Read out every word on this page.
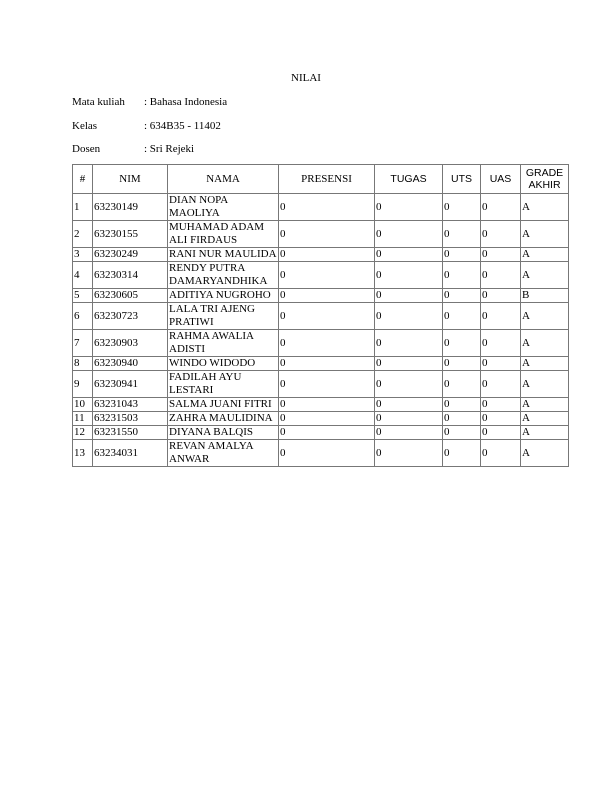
NILAI
Mata kuliah : Bahasa Indonesia
Kelas	: 634B35 - 11402
Dosen	: Sri Rejeki
#	NIM	NAMA	PRESENSI	TUGAS	UTS	UAS	GRADE
AKHIR
1	63230149	DIAN NOPA MAOLIYA	0	0	0	0	A
2	63230155	MUHAMAD ADAM ALI FIRDAUS	0	0	0	0	A
3	63230249	RANI NUR MAULIDA	0	0	0	0	A
4	63230314	RENDY PUTRA DAMARYANDHIKA	0	0	0	0	A
5	63230605	ADITIYA NUGROHO	0	0	0	0	B
6	63230723	LALA TRI AJENG PRATIWI	0	0	0	0	A
7	63230903	RAHMA AWALIA ADISTI	0	0	0	0	A
8	63230940	WINDO WIDODO	0	0	0	0	A
9	63230941	FADILAH AYU LESTARI	0	0	0	0	A
10	63231043	SALMA JUANI FITRI	0	0	0	0	A
11	63231503	ZAHRA MAULIDINA	0	0	0	0	A
12	63231550	DIYANA BALQIS	0	0	0	0	A
13	63234031	REVAN AMALYA ANWAR	0	0	0	0	A
